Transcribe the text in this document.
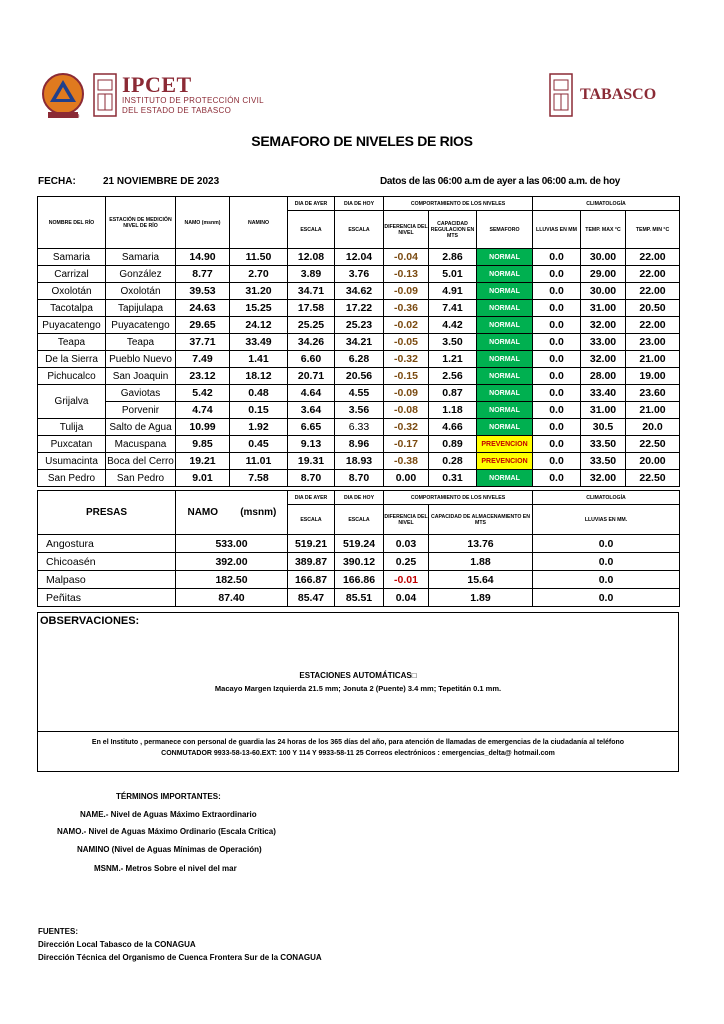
TABASCO
IPCET
INSTITUTO DE PROTECCIÓN CIVIL
DEL ESTADO DE TABASCO
TABASCO
SEMAFORO DE NIVELES DE RIOS
FECHA:	21 NOVIEMBRE DE 2023	Datos de las 06:00 a.m de ayer a las 06:00 a.m. de hoy
NOMBRE DEL RÍO	ESTACIÓN DE MEDICIÓN NIVEL DE RÍO	NAMO (msnm)	NAMINO	DIA DE AYER	DIA DE HOY	COMPORTAMIENTO DE LOS NIVELES			CLIMATOLOGÍA		
				ESCALA	ESCALA	DIFERENCIA DEL NIVEL	CAPACIDAD REGULACION EN MTS	SEMAFORO	LLUVIAS EN MM	TEMP. MAX °C	TEMP. MIN °C
Samaria	Samaria	14.90	11.50	12.08	12.04	-0.04	2.86	NORMAL	0.0	30.00	22.00
Carrizal	González	8.77	2.70	3.89	3.76	-0.13	5.01	NORMAL	0.0	29.00	22.00
Oxolotán	Oxolotán	39.53	31.20	34.71	34.62	-0.09	4.91	NORMAL	0.0	30.00	22.00
Tacotalpa	Tapijulapa	24.63	15.25	17.58	17.22	-0.36	7.41	NORMAL	0.0	31.00	20.50
Puyacatengo	Puyacatengo	29.65	24.12	25.25	25.23	-0.02	4.42	NORMAL	0.0	32.00	22.00
Teapa	Teapa	37.71	33.49	34.26	34.21	-0.05	3.50	NORMAL	0.0	33.00	23.00
De la Sierra	Pueblo Nuevo	7.49	1.41	6.60	6.28	-0.32	1.21	NORMAL	0.0	32.00	21.00
Pichucalco	San Joaquin	23.12	18.12	20.71	20.56	-0.15	2.56	NORMAL	0.0	28.00	19.00
Grijalva	Gaviotas	5.42	0.48	4.64	4.55	-0.09	0.87	NORMAL	0.0	33.40	23.60
	Porvenir	4.74	0.15	3.64	3.56	-0.08	1.18	NORMAL	0.0	31.00	21.00
Tulija	Salto de Agua	10.99	1.92	6.65	6.33	-0.32	4.66	NORMAL	0.0	30.5	20.0
Puxcatan	Macuspana	9.85	0.45	9.13	8.96	-0.17	0.89	PREVENCION	0.0	33.50	22.50
Usumacinta	Boca del Cerro	19.21	11.01	19.31	18.93	-0.38	0.28	PREVENCION	0.0	33.50	20.00
San Pedro	San Pedro	9.01	7.58	8.70	8.70	0.00	0.31	NORMAL	0.0	32.00	22.50
PRESAS	NAMO	(msnm)	DIA DE AYER	DIA DE HOY	COMPORTAMIENTO DE LOS NIVELES		CLIMATOLOGÍA
			ESCALA	ESCALA	DIFERENCIA DEL NIVEL	CAPACIDAD DE ALMACENAMIENTO EN MTS	LLUVIAS EN MM.
Angostura	533.00		519.21	519.24	0.03	13.76	0.0
Chicoasén	392.00		389.87	390.12	0.25	1.88	0.0
Malpaso	182.50		166.87	166.86	-0.01	15.64	0.0
Peñitas	87.40		85.47	85.51	0.04	1.89	0.0
OBSERVACIONES:
ESTACIONES AUTOMÁTICAS□
Macayo Margen Izquierda 21.5 mm; Jonuta 2 (Puente) 3.4 mm; Tepetitán 0.1 mm.
En el Instituto , permanece con personal de guardia las 24 horas de los 365 días del año, para atención de llamadas de emergencias de la ciudadanía al teléfono
CONMUTADOR 9933-58-13-60.EXT: 100 Y 114 Y 9933-58-11 25 Correos electrónicos : emergencias_delta@ hotmail.com
TÉRMINOS IMPORTANTES:
NAME.- Nivel de Aguas Máximo Extraordinario
NAMO.- Nivel de Aguas Máximo Ordinario (Escala Crítica)
NAMINO (Nivel de Aguas Mínimas de Operación)
MSNM.- Metros Sobre el nivel del mar
FUENTES:
Dirección Local Tabasco de la CONAGUA
Dirección Técnica del Organismo de Cuenca Frontera Sur de la CONAGUA
